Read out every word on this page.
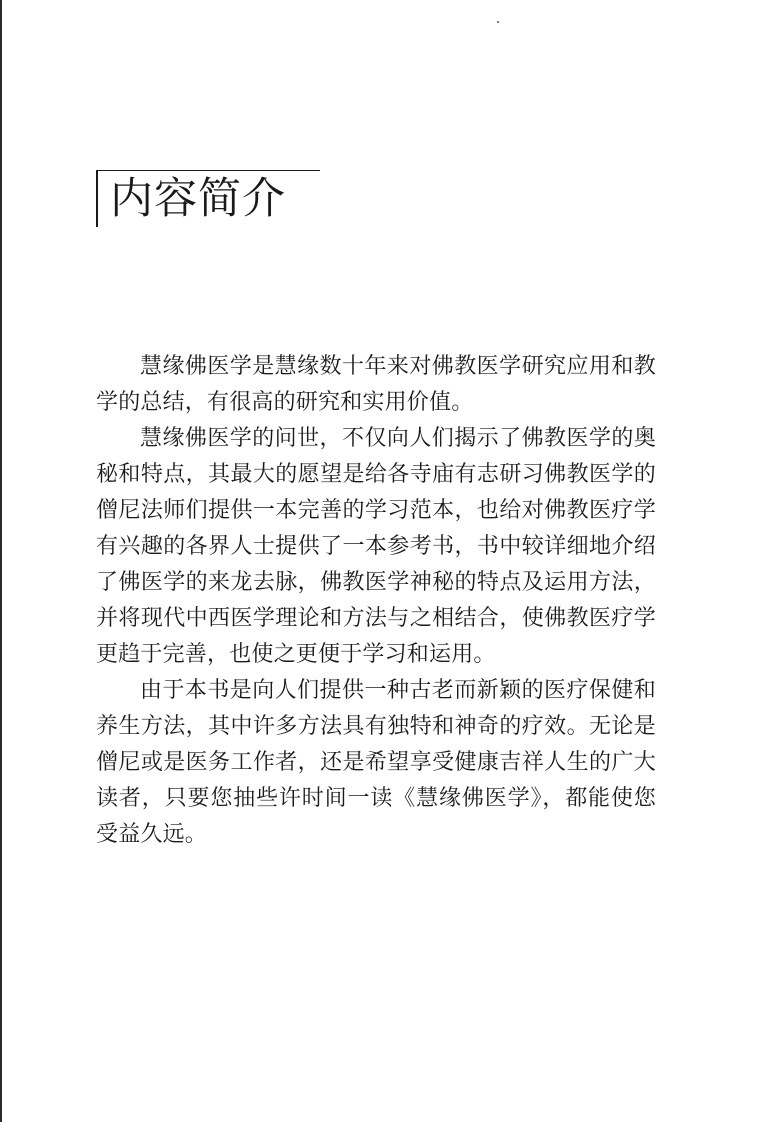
内容简介

慧缘佛医学是慧缘数十年来对佛教医学研究应用和教学的总结，有很高的研究和实用价值。

慧缘佛医学的问世，不仅向人们揭示了佛教医学的奥秘和特点，其最大的愿望是给各寺庙有志研习佛教医学的僧尼法师们提供一本完善的学习范本，也给对佛教医疗学有兴趣的各界人士提供了一本参考书，书中较详细地介绍了佛医学的来龙去脉，佛教医学神秘的特点及运用方法，并将现代中西医学理论和方法与之相结合，使佛教医疗学更趋于完善，也使之更便于学习和运用。

由于本书是向人们提供一种古老而新颖的医疗保健和养生方法，其中许多方法具有独特和神奇的疗效。无论是僧尼或是医务工作者，还是希望享受健康吉祥人生的广大读者，只要您抽些许时间一读《慧缘佛医学》，都能使您受益久远。
